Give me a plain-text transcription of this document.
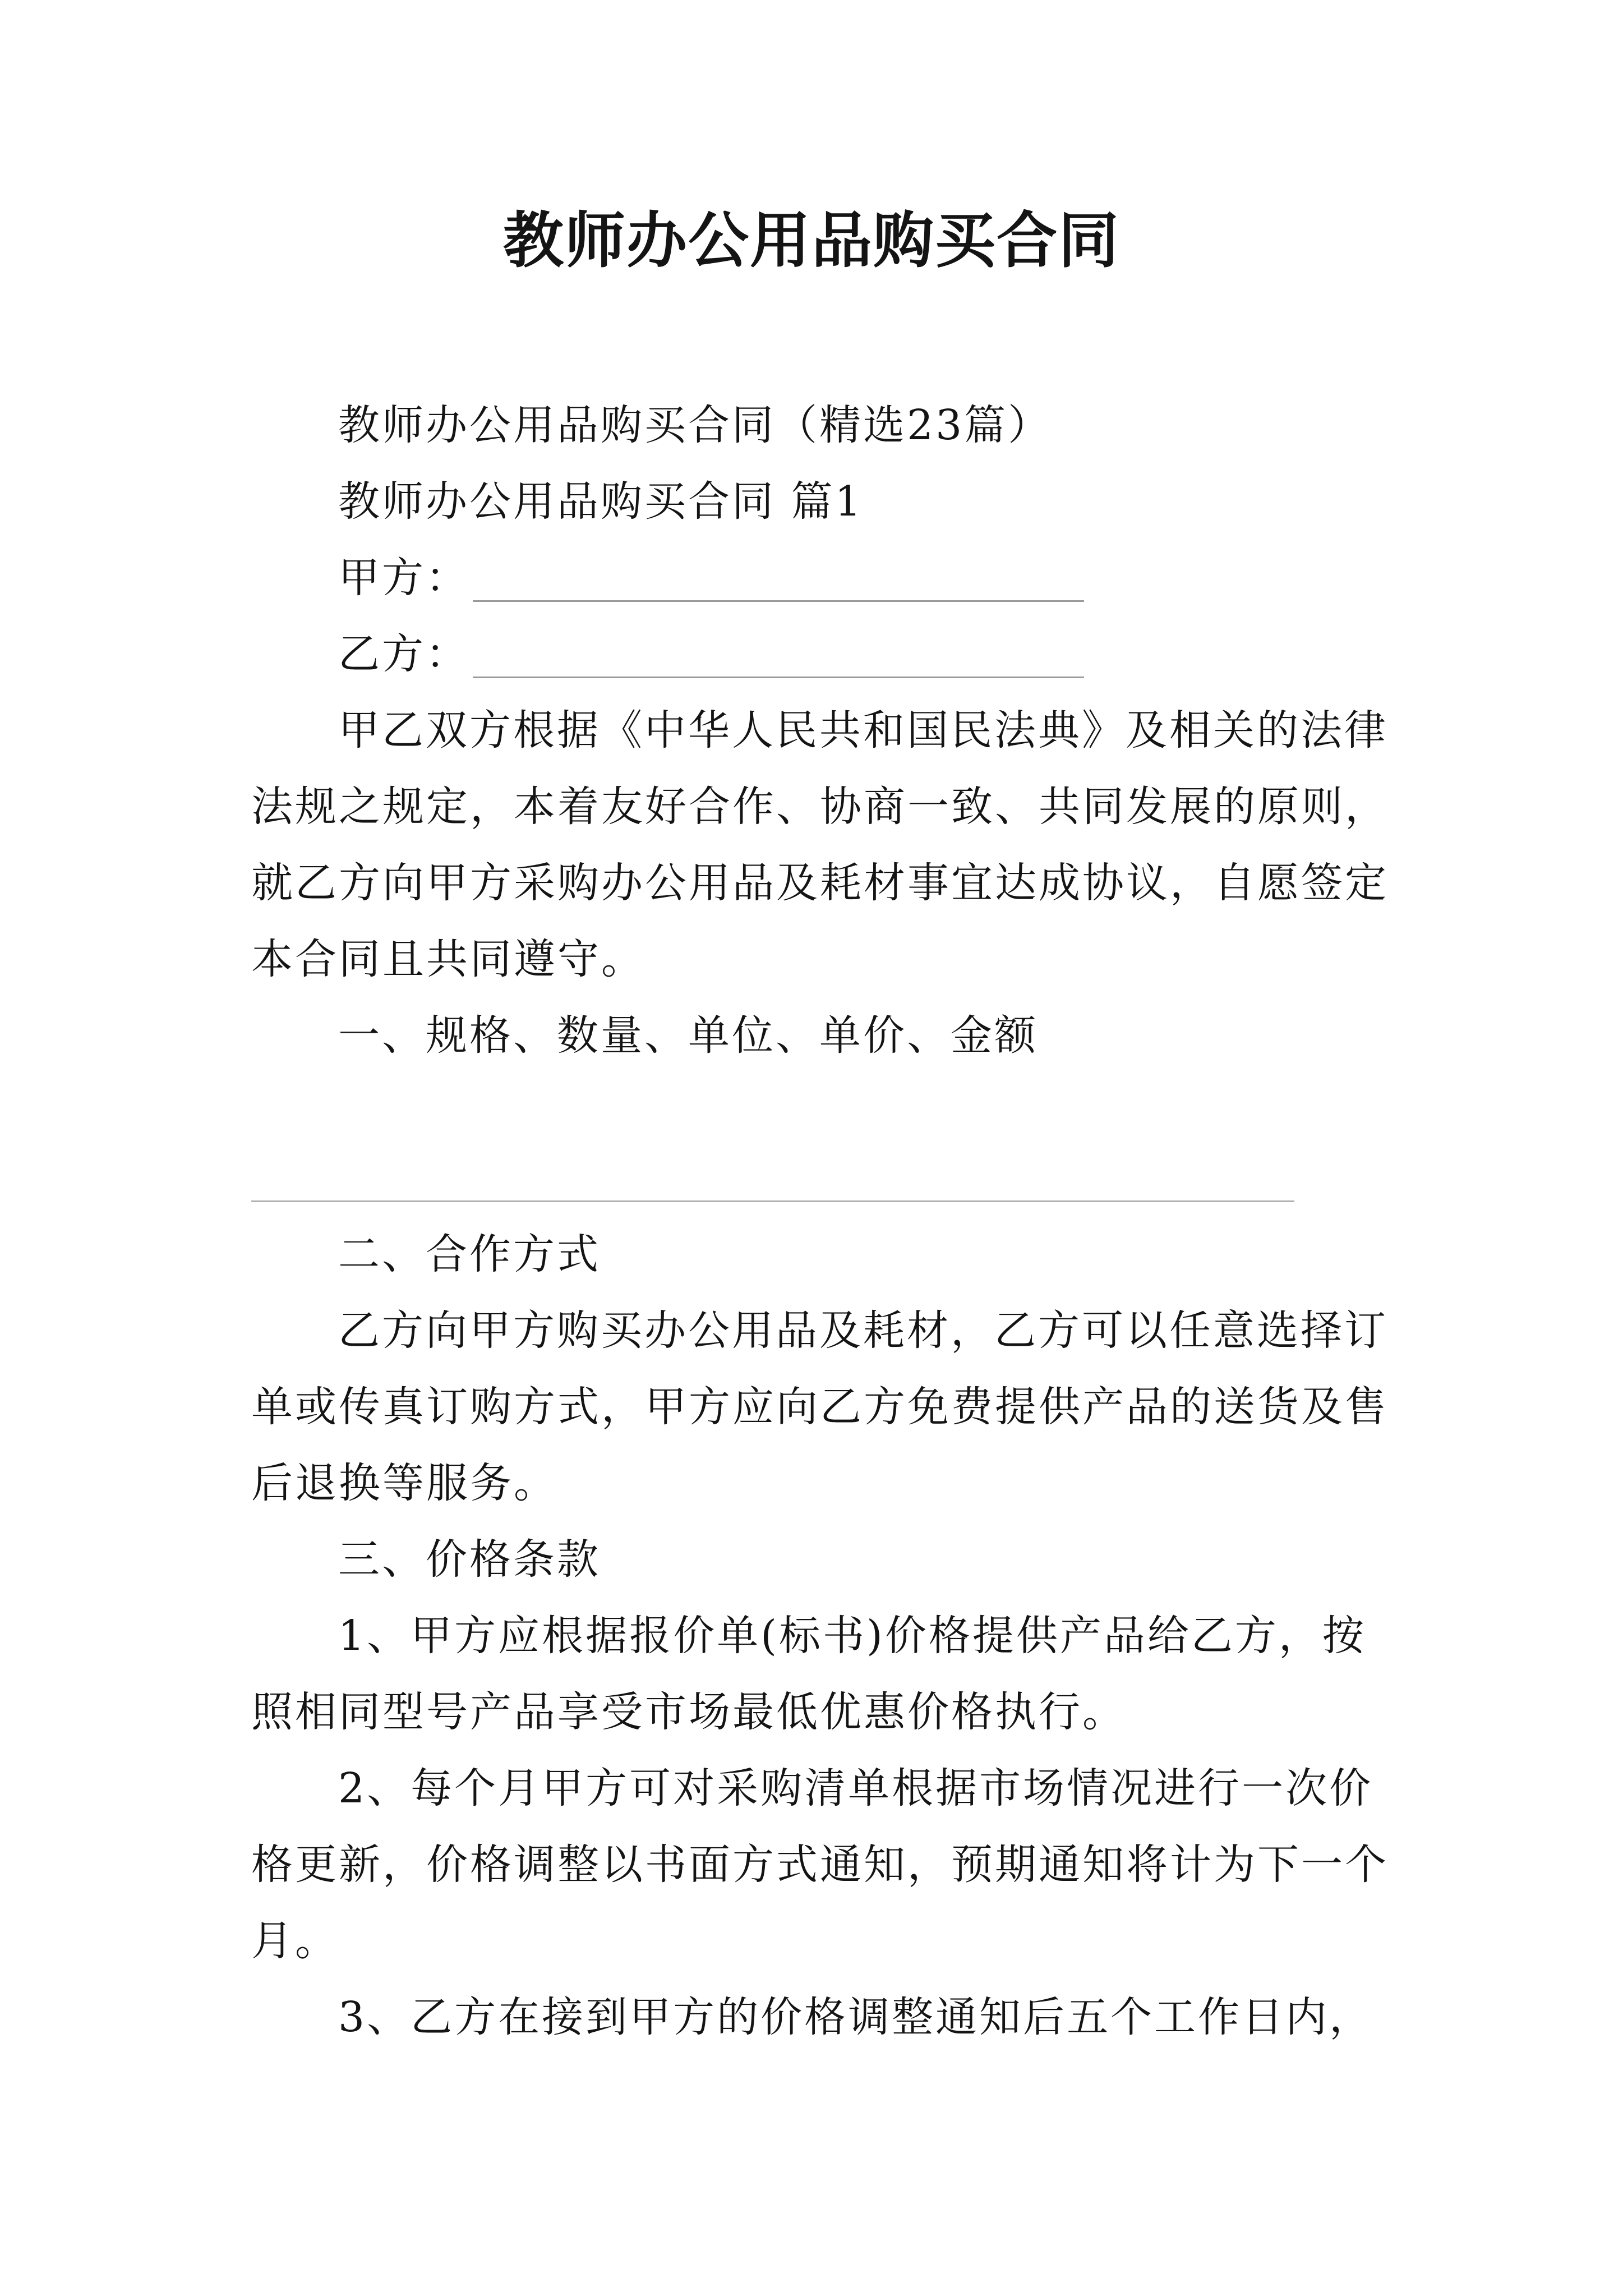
教师办公用品购买合同

教师办公用品购买合同（精选23篇）

教师办公用品购买合同 篇1

甲方：

乙方：

甲乙双方根据《中华人民共和国民法典》及相关的法律法规之规定，本着友好合作、协商一致、共同发展的原则，就乙方向甲方采购办公用品及耗材事宜达成协议，自愿签定本合同且共同遵守。

一、规格、数量、单位、单价、金额

二、合作方式

乙方向甲方购买办公用品及耗材，乙方可以任意选择订单或传真订购方式，甲方应向乙方免费提供产品的送货及售后退换等服务。

三、价格条款

1、甲方应根据报价单(标书)价格提供产品给乙方，按照相同型号产品享受市场最低优惠价格执行。

2、每个月甲方可对采购清单根据市场情况进行一次价格更新，价格调整以书面方式通知，预期通知将计为下一个月。

3、乙方在接到甲方的价格调整通知后五个工作日内，
